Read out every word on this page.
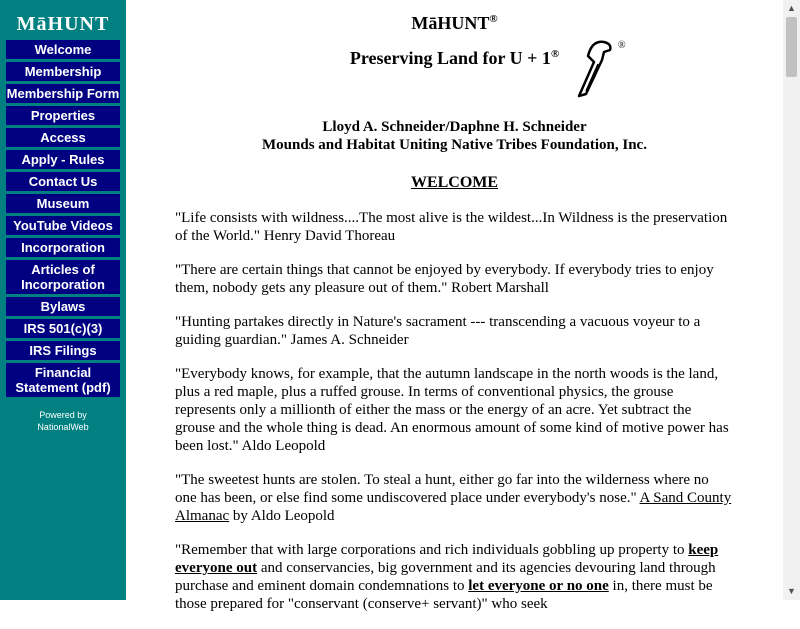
MāHUNT
Welcome
Membership
Membership Form
Properties
Access
Apply - Rules
Contact Us
Museum
YouTube Videos
Incorporation
Articles of Incorporation
Bylaws
IRS 501(c)(3)
IRS Filings
Financial Statement (pdf)
Powered by
NationalWeb
MāHUNT®
Preserving Land for U + 1®
®
Lloyd A. Schneider/Daphne H. Schneider
Mounds and Habitat Uniting Native Tribes Foundation, Inc.
WELCOME

"Life consists with wildness....The most alive is the wildest...In Wildness is the preservation of the World." Henry David Thoreau

"There are certain things that cannot be enjoyed by everybody. If everybody tries to enjoy them, nobody gets any pleasure out of them." Robert Marshall

"Hunting partakes directly in Nature's sacrament --- transcending a vacuous voyeur to a guiding guardian." James A. Schneider

"Everybody knows, for example, that the autumn landscape in the north woods is the land, plus a red maple, plus a ruffed grouse. In terms of conventional physics, the grouse represents only a millionth of either the mass or the energy of an acre. Yet subtract the grouse and the whole thing is dead. An enormous amount of some kind of motive power has been lost." Aldo Leopold

"The sweetest hunts are stolen. To steal a hunt, either go far into the wilderness where no one has been, or else find some undiscovered place under everybody's nose." A Sand County Almanac by Aldo Leopold

"Remember that with large corporations and rich individuals gobbling up property to keep everyone out and conservancies, big government and its agencies devouring land through purchase and eminent domain condemnations to let everyone or no one in, there must be those prepared for "conservant (conserve+ servant)" who seek

▲
▼
